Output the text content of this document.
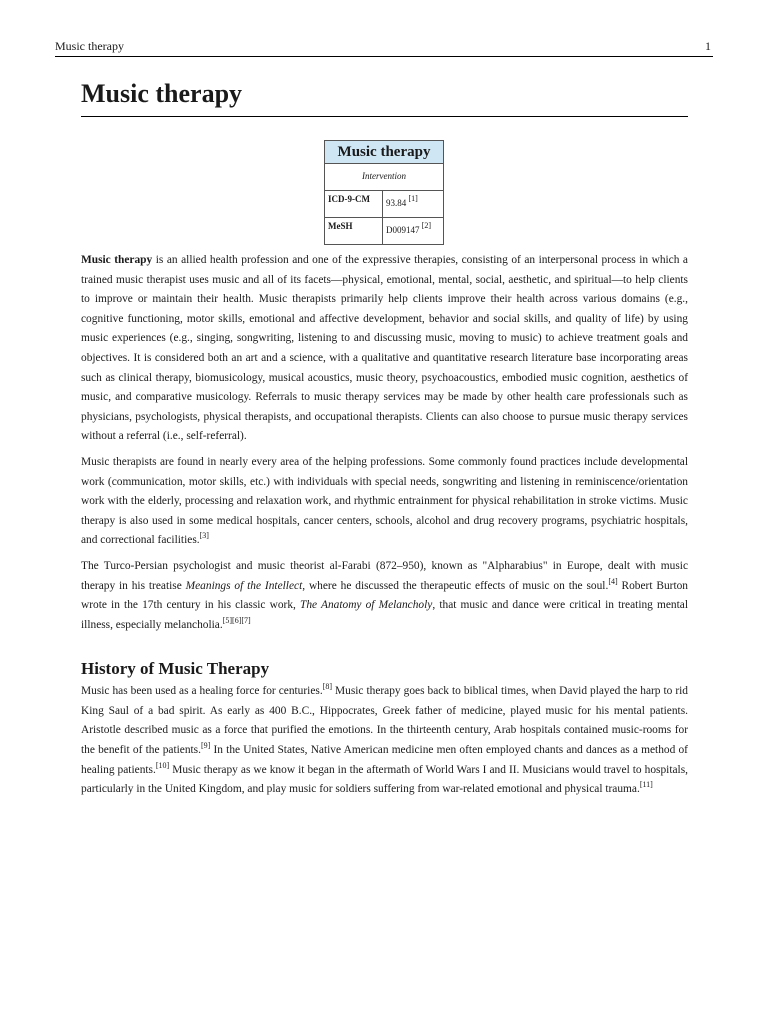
Music therapy	1
Music therapy
Music therapy
Intervention
ICD-9-CM	93.84 [1]
MeSH	D009147 [2]

Music therapy is an allied health profession and one of the expressive therapies, consisting of an interpersonal process in which a trained music therapist uses music and all of its facets—physical, emotional, mental, social, aesthetic, and spiritual—to help clients to improve or maintain their health. Music therapists primarily help clients improve their health across various domains (e.g., cognitive functioning, motor skills, emotional and affective development, behavior and social skills, and quality of life) by using music experiences (e.g., singing, songwriting, listening to and discussing music, moving to music) to achieve treatment goals and objectives. It is considered both an art and a science, with a qualitative and quantitative research literature base incorporating areas such as clinical therapy, biomusicology, musical acoustics, music theory, psychoacoustics, embodied music cognition, aesthetics of music, and comparative musicology. Referrals to music therapy services may be made by other health care professionals such as physicians, psychologists, physical therapists, and occupational therapists. Clients can also choose to pursue music therapy services without a referral (i.e., self-referral).

Music therapists are found in nearly every area of the helping professions. Some commonly found practices include developmental work (communication, motor skills, etc.) with individuals with special needs, songwriting and listening in reminiscence/orientation work with the elderly, processing and relaxation work, and rhythmic entrainment for physical rehabilitation in stroke victims. Music therapy is also used in some medical hospitals, cancer centers, schools, alcohol and drug recovery programs, psychiatric hospitals, and correctional facilities.[3]

The Turco-Persian psychologist and music theorist al-Farabi (872–950), known as "Alpharabius" in Europe, dealt with music therapy in his treatise Meanings of the Intellect, where he discussed the therapeutic effects of music on the soul.[4] Robert Burton wrote in the 17th century in his classic work, The Anatomy of Melancholy, that music and dance were critical in treating mental illness, especially melancholia.[5][6][7]

History of Music Therapy

Music has been used as a healing force for centuries.[8] Music therapy goes back to biblical times, when David played the harp to rid King Saul of a bad spirit. As early as 400 B.C., Hippocrates, Greek father of medicine, played music for his mental patients. Aristotle described music as a force that purified the emotions. In the thirteenth century, Arab hospitals contained music-rooms for the benefit of the patients.[9] In the United States, Native American medicine men often employed chants and dances as a method of healing patients.[10] Music therapy as we know it began in the aftermath of World Wars I and II. Musicians would travel to hospitals, particularly in the United Kingdom, and play music for soldiers suffering from war-related emotional and physical trauma.[11]
